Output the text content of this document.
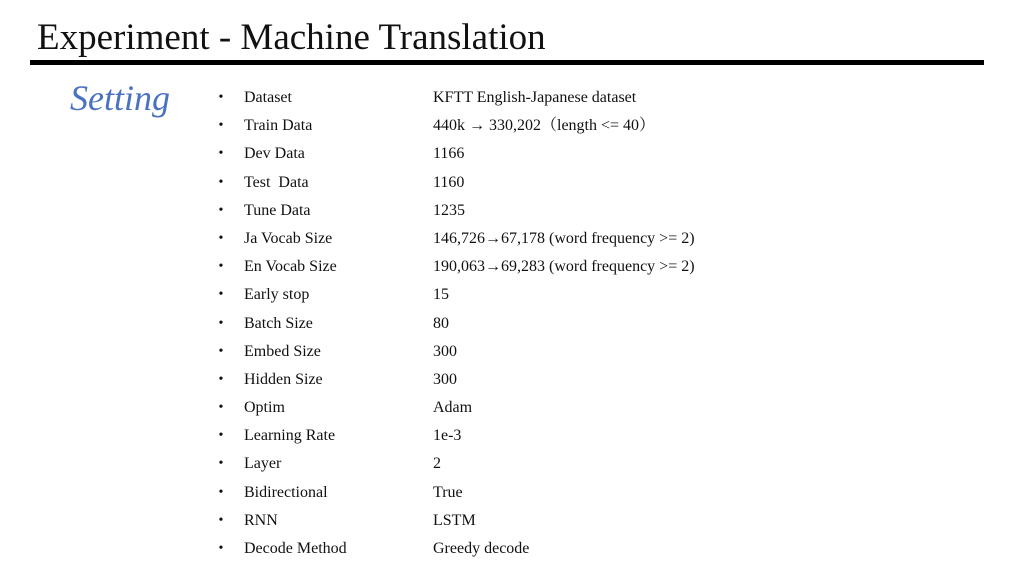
Experiment - Machine Translation
Setting	• Dataset	KFTT English-Japanese dataset
• Train Data	440k → 330,202（length <= 40）
• Dev Data	1166
• Test  Data	1160
• Tune Data	1235
• Ja Vocab Size	146,726→67,178 (word frequency >= 2)
• En Vocab Size	190,063→69,283 (word frequency >= 2)
• Early stop	15
• Batch Size	80
• Embed Size	300
• Hidden Size	300
• Optim	Adam
• Learning Rate	1e-3
• Layer	2
• Bidirectional	True
• RNN	LSTM
• Decode Method	Greedy decode
